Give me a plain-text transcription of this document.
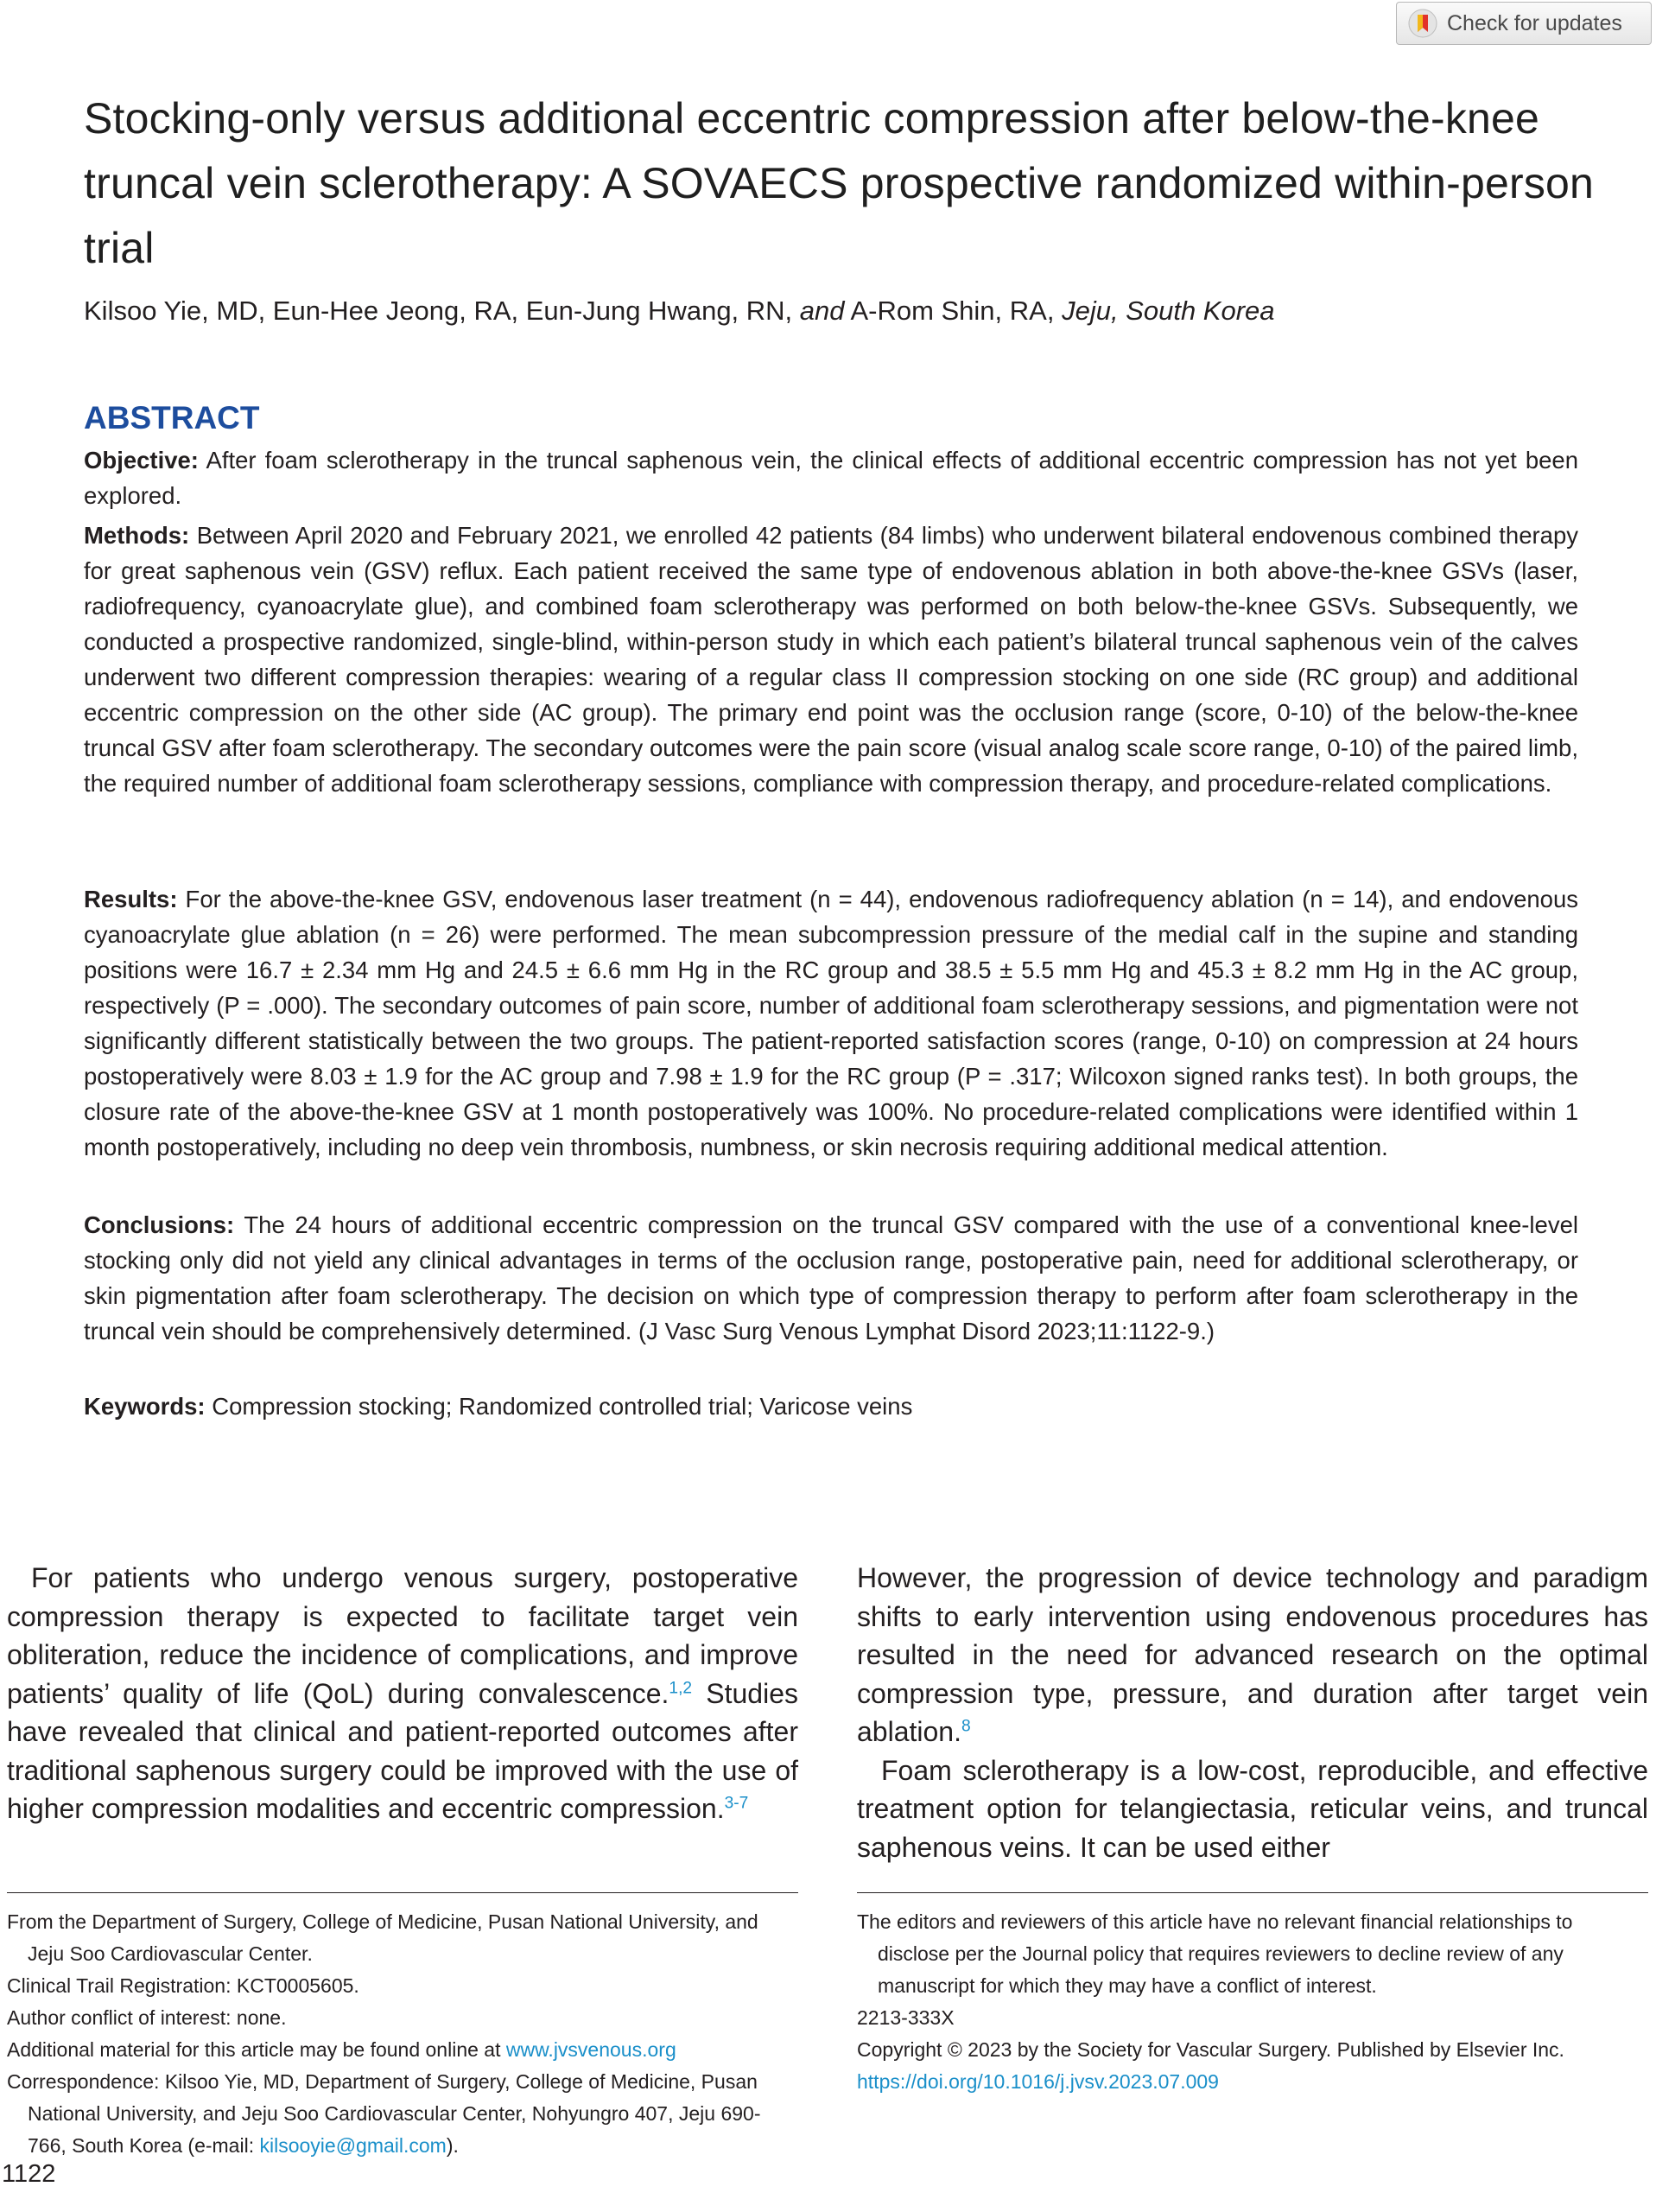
Check for updates
Stocking-only versus additional eccentric compression after below-the-knee truncal vein sclerotherapy: A SOVAECS prospective randomized within-person trial
Kilsoo Yie, MD, Eun-Hee Jeong, RA, Eun-Jung Hwang, RN, and A-Rom Shin, RA, Jeju, South Korea
ABSTRACT

Objective: After foam sclerotherapy in the truncal saphenous vein, the clinical effects of additional eccentric compression has not yet been explored.

Methods: Between April 2020 and February 2021, we enrolled 42 patients (84 limbs) who underwent bilateral endovenous combined therapy for great saphenous vein (GSV) reflux. Each patient received the same type of endovenous ablation in both above-the-knee GSVs (laser, radiofrequency, cyanoacrylate glue), and combined foam sclerotherapy was performed on both below-the-knee GSVs. Subsequently, we conducted a prospective randomized, single-blind, within-person study in which each patient’s bilateral truncal saphenous vein of the calves underwent two different compression therapies: wearing of a regular class II compression stocking on one side (RC group) and additional eccentric compression on the other side (AC group). The primary end point was the occlusion range (score, 0-10) of the below-the-knee truncal GSV after foam sclerotherapy. The secondary outcomes were the pain score (visual analog scale score range, 0-10) of the paired limb, the required number of additional foam sclerotherapy sessions, compliance with compression therapy, and procedure-related complications.

Results: For the above-the-knee GSV, endovenous laser treatment (n = 44), endovenous radiofrequency ablation (n = 14), and endovenous cyanoacrylate glue ablation (n = 26) were performed. The mean subcompression pressure of the medial calf in the supine and standing positions were 16.7 ± 2.34 mm Hg and 24.5 ± 6.6 mm Hg in the RC group and 38.5 ± 5.5 mm Hg and 45.3 ± 8.2 mm Hg in the AC group, respectively (P = .000). The secondary outcomes of pain score, number of additional foam sclerotherapy sessions, and pigmentation were not significantly different statistically between the two groups. The patient-reported satisfaction scores (range, 0-10) on compression at 24 hours postoperatively were 8.03 ± 1.9 for the AC group and 7.98 ± 1.9 for the RC group (P = .317; Wilcoxon signed ranks test). In both groups, the closure rate of the above-the-knee GSV at 1 month postoperatively was 100%. No procedure-related complications were identified within 1 month postoperatively, including no deep vein thrombosis, numbness, or skin necrosis requiring additional medical attention.

Conclusions: The 24 hours of additional eccentric compression on the truncal GSV compared with the use of a conventional knee-level stocking only did not yield any clinical advantages in terms of the occlusion range, postoperative pain, need for additional sclerotherapy, or skin pigmentation after foam sclerotherapy. The decision on which type of compression therapy to perform after foam sclerotherapy in the truncal vein should be comprehensively determined. (J Vasc Surg Venous Lymphat Disord 2023;11:1122-9.)

Keywords: Compression stocking; Randomized controlled trial; Varicose veins

For patients who undergo venous surgery, postoperative compression therapy is expected to facilitate target vein obliteration, reduce the incidence of complications, and improve patients’ quality of life (QoL) during convalescence.$^{1,2}$ Studies have revealed that clinical and patient-reported outcomes after traditional saphenous surgery could be improved with the use of higher compression modalities and eccentric compression.$^{3-7}$

However, the progression of device technology and paradigm shifts to early intervention using endovenous procedures has resulted in the need for advanced research on the optimal compression type, pressure, and duration after target vein ablation.$^8$

Foam sclerotherapy is a low-cost, reproducible, and effective treatment option for telangiectasia, reticular veins, and truncal saphenous veins. It can be used either

From the Department of Surgery, College of Medicine, Pusan National University, and Jeju Soo Cardiovascular Center.

Clinical Trail Registration: KCT0005605.

Author conflict of interest: none.

Additional material for this article may be found online at www.jvsvenous.org

Correspondence: Kilsoo Yie, MD, Department of Surgery, College of Medicine, Pusan National University, and Jeju Soo Cardiovascular Center, Nohyungro 407, Jeju 690-766, South Korea (e-mail: kilsooyie@gmail.com).

The editors and reviewers of this article have no relevant financial relationships to disclose per the Journal policy that requires reviewers to decline review of any manuscript for which they may have a conflict of interest.

2213-333X

Copyright © 2023 by the Society for Vascular Surgery. Published by Elsevier Inc.

https://doi.org/10.1016/j.jvsv.2023.07.009

1122
